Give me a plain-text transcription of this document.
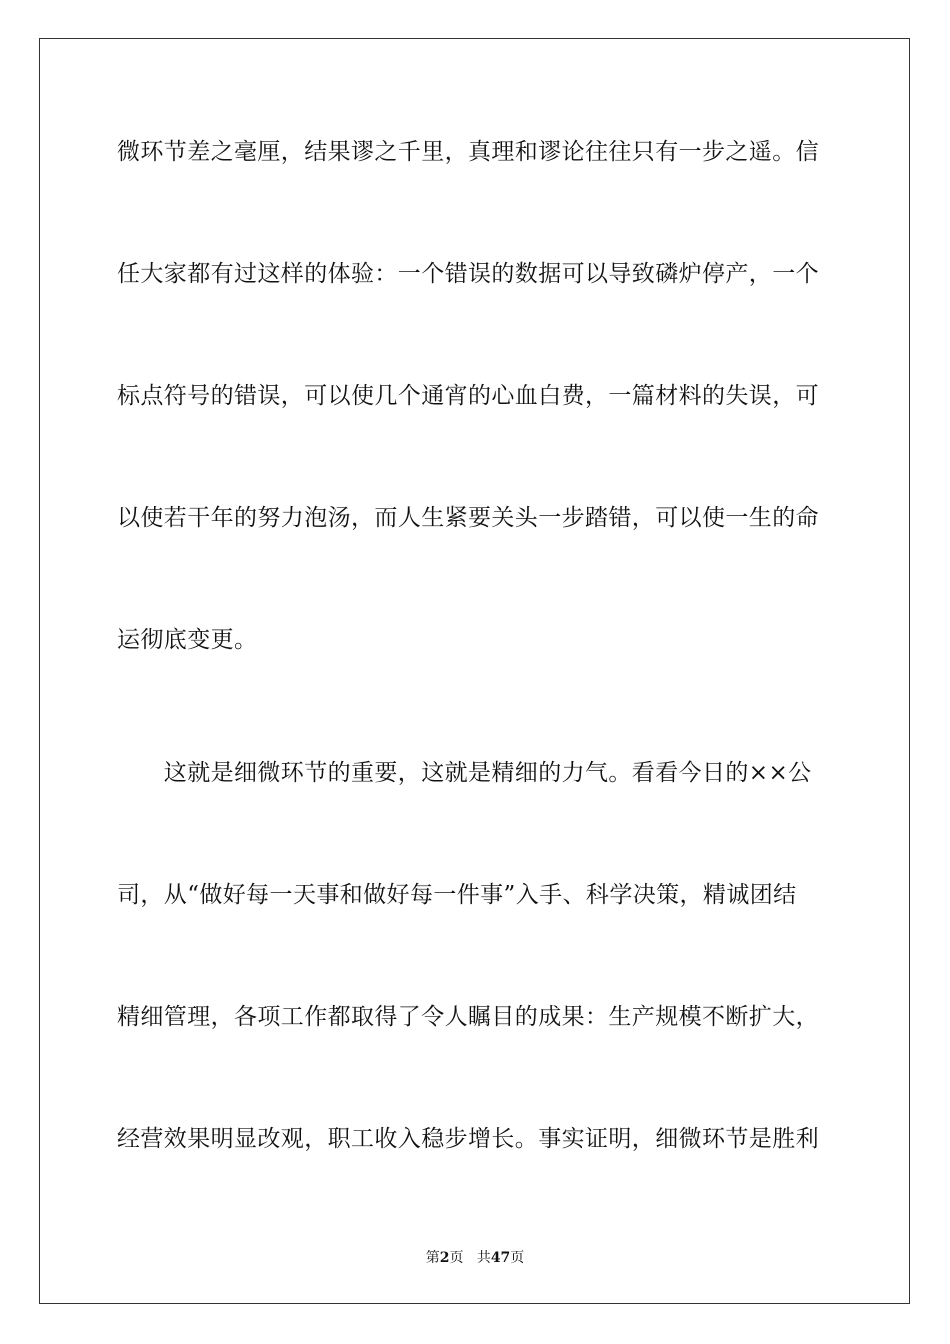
微环节差之毫厘，结果谬之千里，真理和谬论往往只有一步之遥。信
任大家都有过这样的体验：一个错误的数据可以导致磷炉停产，一个
标点符号的错误，可以使几个通宵的心血白费，一篇材料的失误，可
以使若干年的努力泡汤，而人生紧要关头一步踏错，可以使一生的命
运彻底变更。
　　这就是细微环节的重要，这就是精细的力气。看看今日的××公
司，从“做好每一天事和做好每一件事”入手、科学决策，精诚团结
精细管理，各项工作都取得了令人瞩目的成果：生产规模不断扩大，
经营效果明显改观，职工收入稳步增长。事实证明，细微环节是胜利
第2页 共47页
